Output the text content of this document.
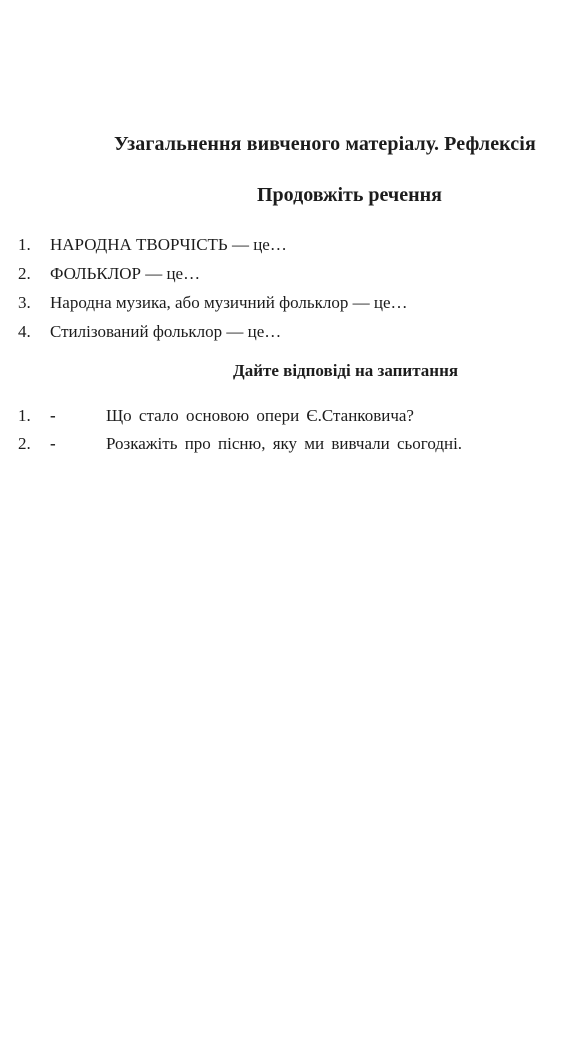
Узагальнення вивченого матеріалу. Рефлексія
Продовжіть речення
1. НАРОДНА ТВОРЧІСТЬ — це…
2. ФОЛЬКЛОР — це…
3. Народна музика, або музичний фольклор — це…
4. Стилізований фольклор — це…
Дайте відповіді на запитання
1. -	Що стало основою опери Є.Станковича?
2. -	Розкажіть про пісню, яку ми вивчали сьогодні.
